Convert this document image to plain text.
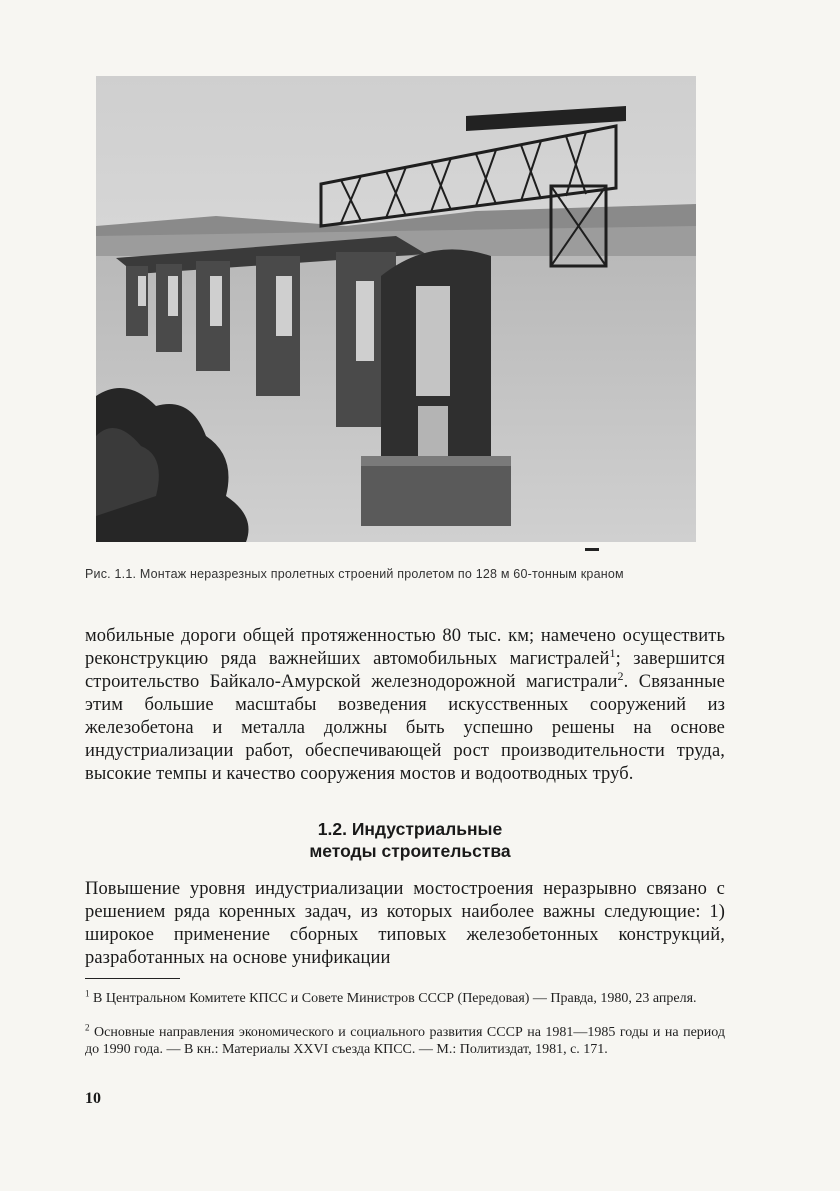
Рис. 1.1. Монтаж неразрезных пролетных строений пролетом по 128 м 60-тонным краном
мобильные дороги общей протяженностью 80 тыс. км; намечено осуществить реконструкцию ряда важнейших автомобильных магистралей$^1$; завершится строительство Байкало-Амурской железнодорожной магистрали$^2$. Связанные этим большие масштабы возведения искусственных сооружений из железобетона и металла должны быть успешно решены на основе индустриализации работ, обеспечивающей рост производительности труда, высокие темпы и качество сооружения мостов и водоотводных труб.
1.2. Индустриальные
методы строительства
Повышение уровня индустриализации мостостроения неразрывно связано с решением ряда коренных задач, из которых наиболее важны следующие: 1) широкое применение сборных типовых железобетонных конструкций, разработанных на основе унификации
$^1$ В Центральном Комитете КПСС и Совете Министров СССР (Передовая) — Правда, 1980, 23 апреля.
$^2$ Основные направления экономического и социального развития СССР на 1981—1985 годы и на период до 1990 года. — В кн.: Материалы XXVI съезда КПСС. — М.: Политиздат, 1981, с. 171.
10
